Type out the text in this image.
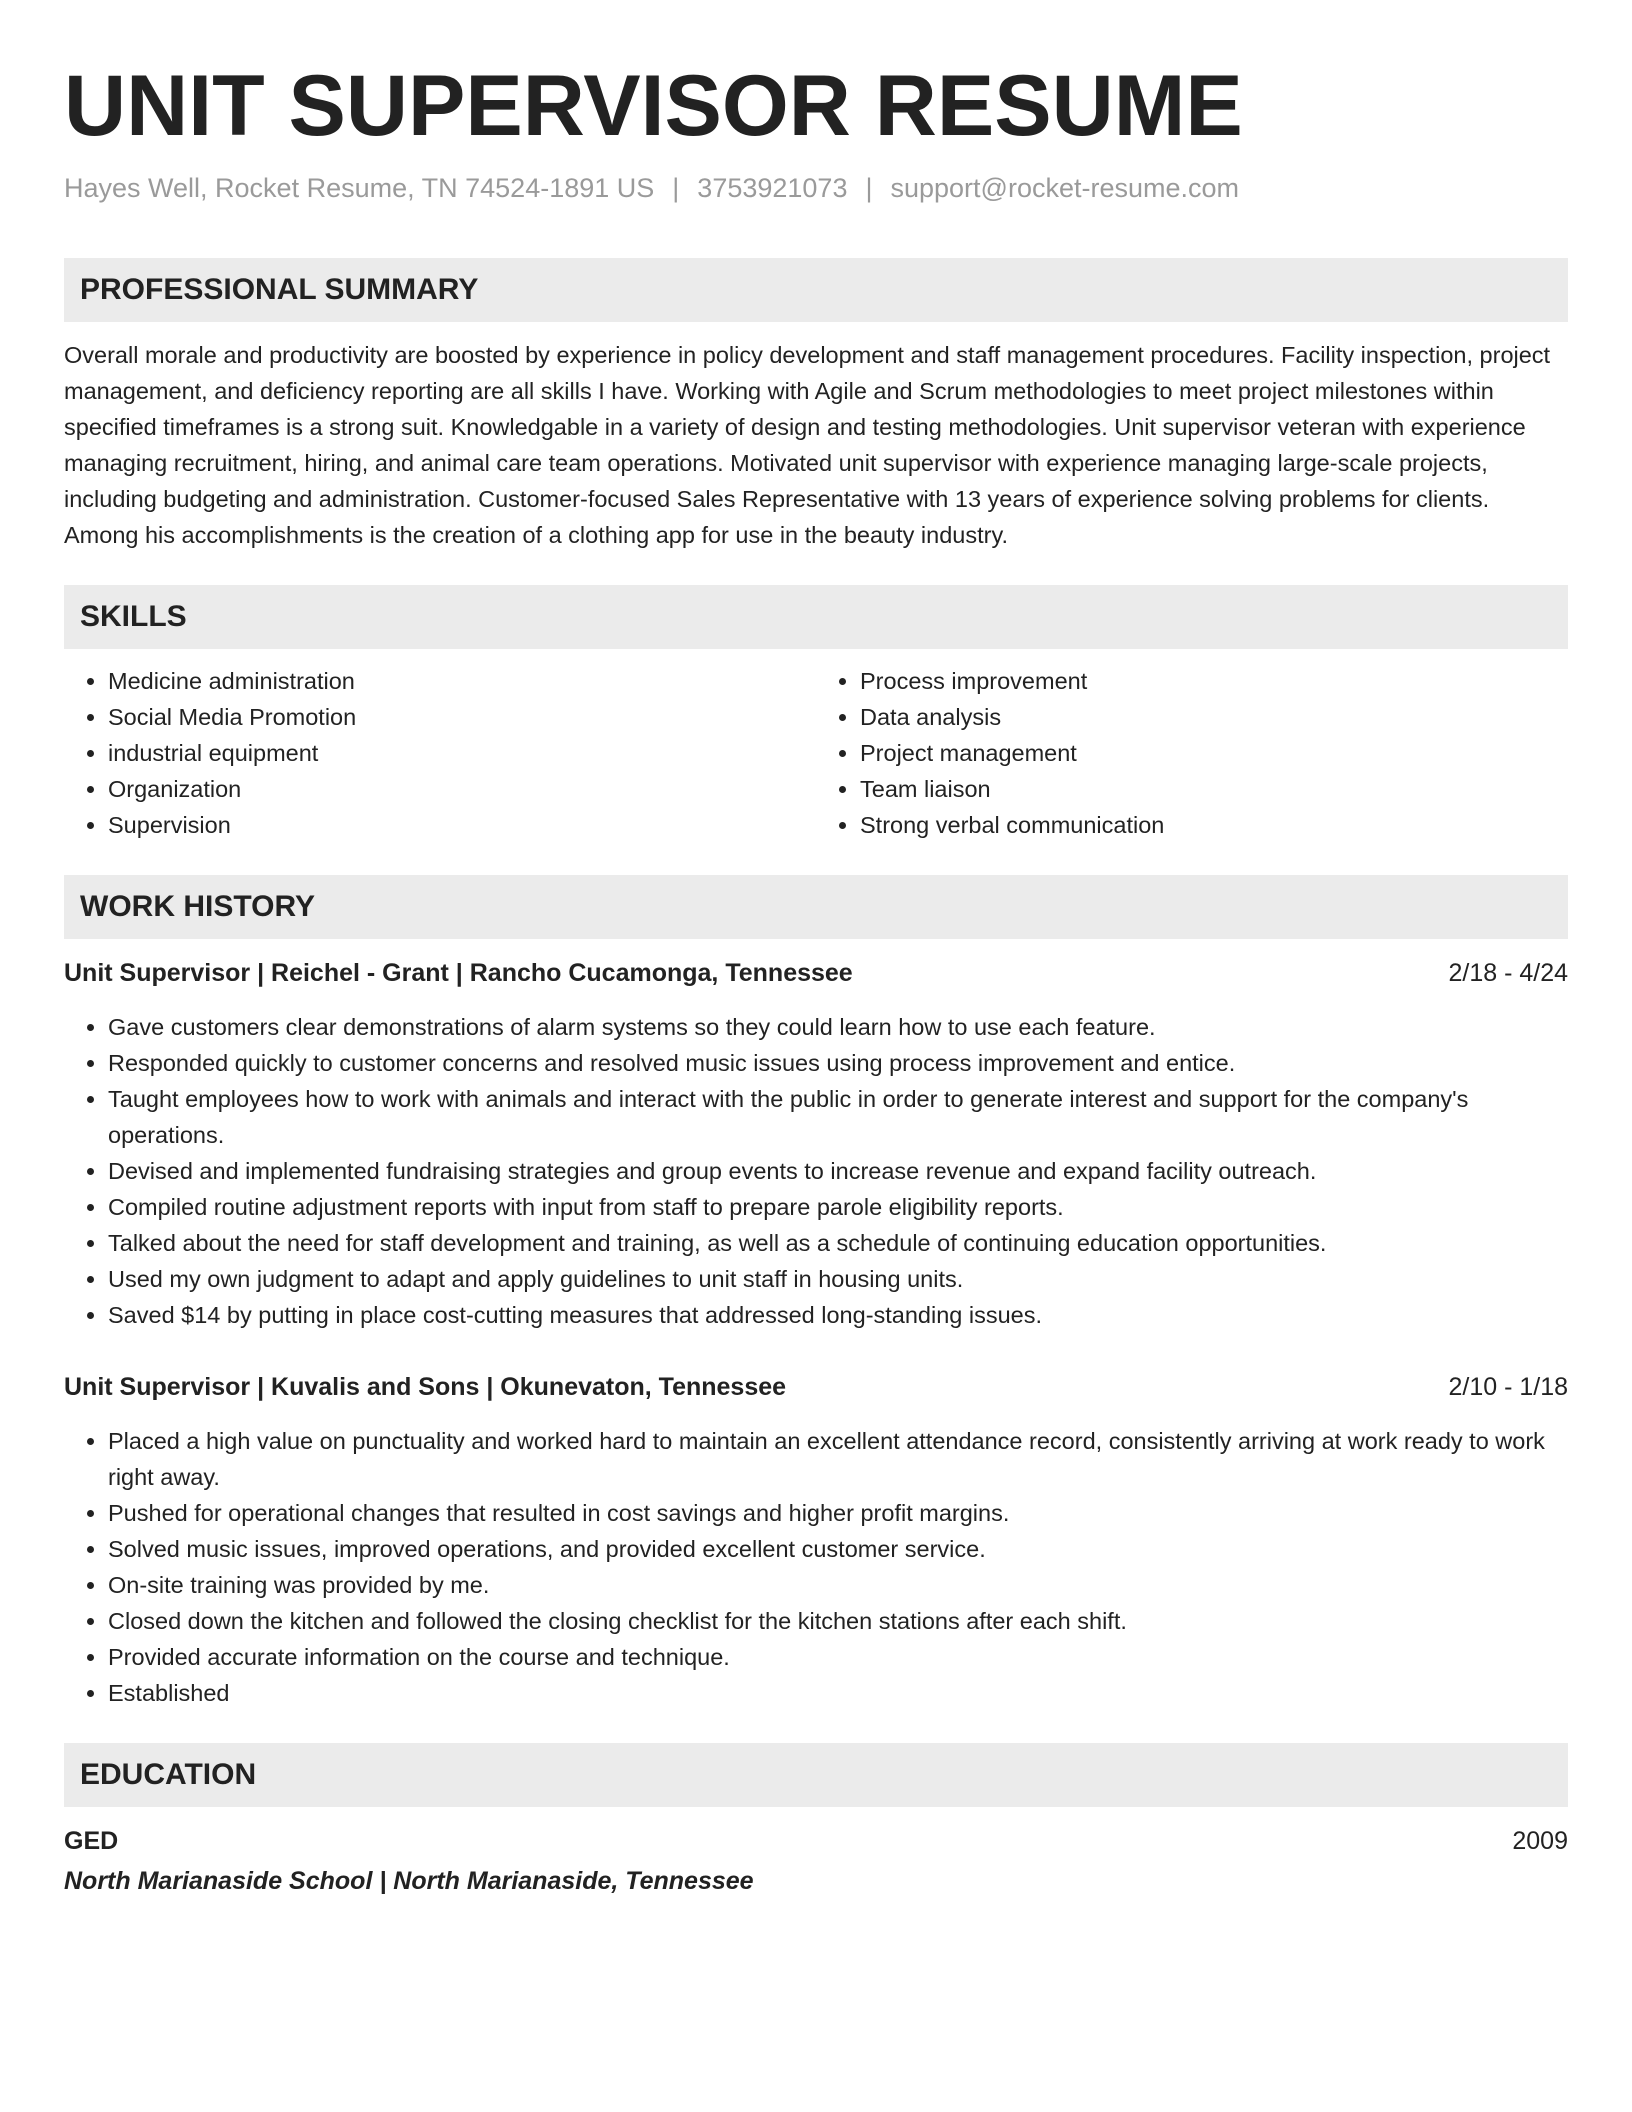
UNIT SUPERVISOR RESUME
Hayes Well, Rocket Resume, TN 74524-1891 US | 3753921073 | support@rocket-resume.com
PROFESSIONAL SUMMARY

Overall morale and productivity are boosted by experience in policy development and staff management procedures. Facility inspection, project management, and deficiency reporting are all skills I have. Working with Agile and Scrum methodologies to meet project milestones within specified timeframes is a strong suit. Knowledgable in a variety of design and testing methodologies. Unit supervisor veteran with experience managing recruitment, hiring, and animal care team operations. Motivated unit supervisor with experience managing large-scale projects, including budgeting and administration. Customer-focused Sales Representative with 13 years of experience solving problems for clients. Among his accomplishments is the creation of a clothing app for use in the beauty industry.

SKILLS
• Medicine administration
• Social Media Promotion
• industrial equipment
• Organization
• Supervision
• Process improvement
• Data analysis
• Project management
• Team liaison
• Strong verbal communication
WORK HISTORY
Unit Supervisor | Reichel - Grant | Rancho Cucamonga, Tennessee	2/18 - 4/24
• Gave customers clear demonstrations of alarm systems so they could learn how to use each feature.
• Responded quickly to customer concerns and resolved music issues using process improvement and entice.
• Taught employees how to work with animals and interact with the public in order to generate interest and support for the company's operations.
• Devised and implemented fundraising strategies and group events to increase revenue and expand facility outreach.
• Compiled routine adjustment reports with input from staff to prepare parole eligibility reports.
• Talked about the need for staff development and training, as well as a schedule of continuing education opportunities.
• Used my own judgment to adapt and apply guidelines to unit staff in housing units.
• Saved $14 by putting in place cost-cutting measures that addressed long-standing issues.
Unit Supervisor | Kuvalis and Sons | Okunevaton, Tennessee	2/10 - 1/18
• Placed a high value on punctuality and worked hard to maintain an excellent attendance record, consistently arriving at work ready to work right away.
• Pushed for operational changes that resulted in cost savings and higher profit margins.
• Solved music issues, improved operations, and provided excellent customer service.
• On-site training was provided by me.
• Closed down the kitchen and followed the closing checklist for the kitchen stations after each shift.
• Provided accurate information on the course and technique.
• Established
EDUCATION
GED	2009
North Marianaside School | North Marianaside, Tennessee
